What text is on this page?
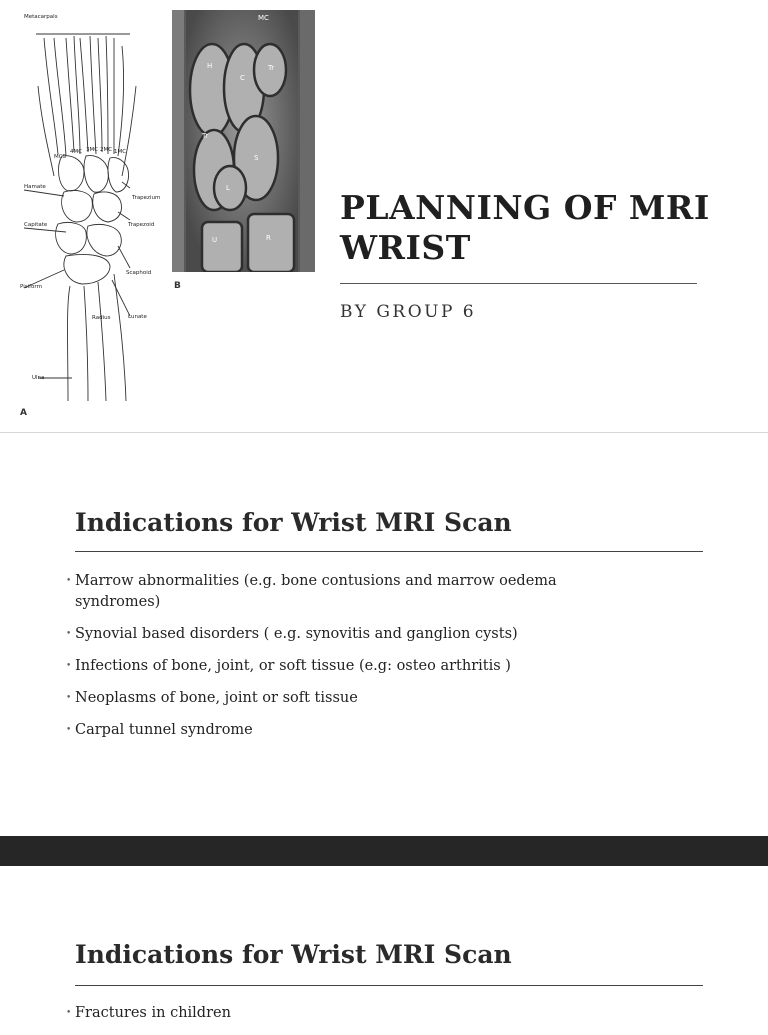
Metacarpals
MC5
4MC 3MC 2MC 1MC
Hamate
Capitate
Trapezium
Trapezoid
Scaphoid
Pisiform
Radius	Lunate
Ulna
H
C
Tr
Tr
S
L
U	R
MC
A
B
PLANNING OF MRI WRIST
BY GROUP 6
Indications for Wrist MRI Scan
• Marrow abnormalities (e.g. bone contusions and marrow oedema syndromes)
• Synovial based disorders ( e.g. synovitis and ganglion cysts)
• Infections of bone, joint, or soft tissue (e.g: osteo arthritis )
• Neoplasms of bone, joint or soft tissue
• Carpal tunnel syndrome
Indications for Wrist MRI Scan
• Fractures in children
